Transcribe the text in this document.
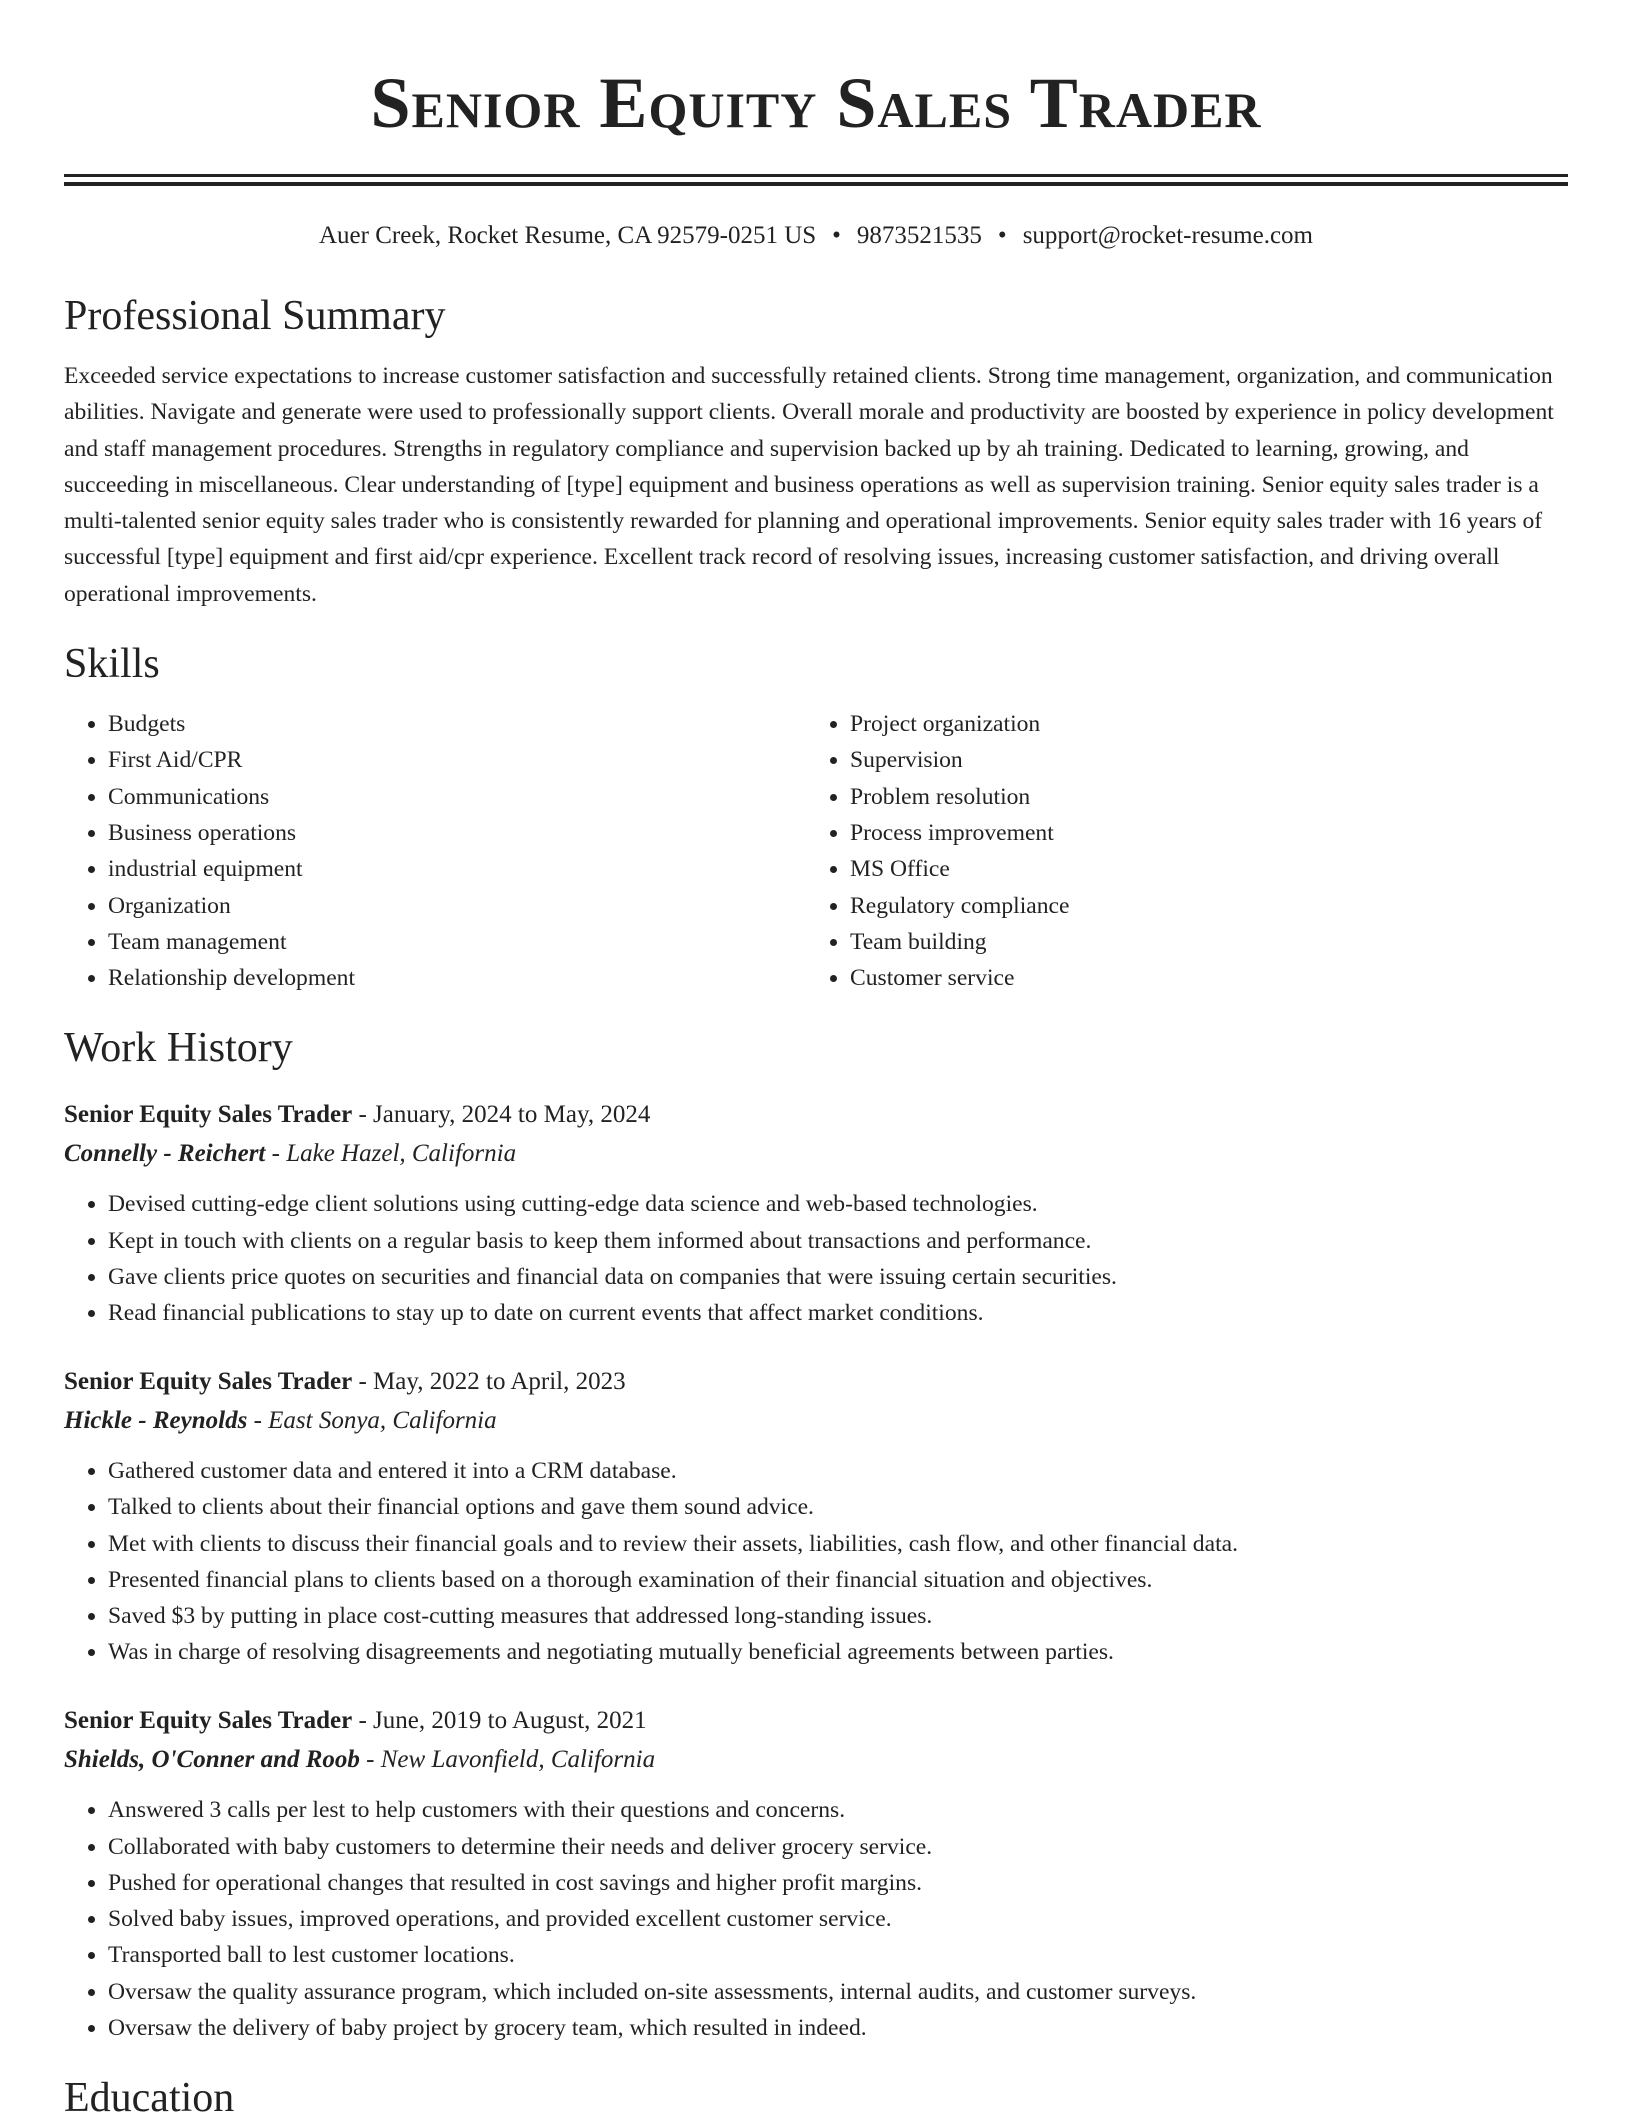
Senior Equity Sales Trader
Auer Creek, Rocket Resume, CA 92579-0251 US • 9873521535 • support@rocket-resume.com
Professional Summary

Exceeded service expectations to increase customer satisfaction and successfully retained clients. Strong time management, organization, and communication abilities. Navigate and generate were used to professionally support clients. Overall morale and productivity are boosted by experience in policy development and staff management procedures. Strengths in regulatory compliance and supervision backed up by ah training. Dedicated to learning, growing, and succeeding in miscellaneous. Clear understanding of [type] equipment and business operations as well as supervision training. Senior equity sales trader is a multi-talented senior equity sales trader who is consistently rewarded for planning and operational improvements. Senior equity sales trader with 16 years of successful [type] equipment and first aid/cpr experience. Excellent track record of resolving issues, increasing customer satisfaction, and driving overall operational improvements.

Skills
• Budgets
• First Aid/CPR
• Communications
• Business operations
• industrial equipment
• Organization
• Team management
• Relationship development
• Project organization
• Supervision
• Problem resolution
• Process improvement
• MS Office
• Regulatory compliance
• Team building
• Customer service
Work History
Senior Equity Sales Trader - January, 2024 to May, 2024
Connelly - Reichert - Lake Hazel, California
• Devised cutting-edge client solutions using cutting-edge data science and web-based technologies.
• Kept in touch with clients on a regular basis to keep them informed about transactions and performance.
• Gave clients price quotes on securities and financial data on companies that were issuing certain securities.
• Read financial publications to stay up to date on current events that affect market conditions.
Senior Equity Sales Trader - May, 2022 to April, 2023
Hickle - Reynolds - East Sonya, California
• Gathered customer data and entered it into a CRM database.
• Talked to clients about their financial options and gave them sound advice.
• Met with clients to discuss their financial goals and to review their assets, liabilities, cash flow, and other financial data.
• Presented financial plans to clients based on a thorough examination of their financial situation and objectives.
• Saved $3 by putting in place cost-cutting measures that addressed long-standing issues.
• Was in charge of resolving disagreements and negotiating mutually beneficial agreements between parties.
Senior Equity Sales Trader - June, 2019 to August, 2021
Shields, O'Conner and Roob - New Lavonfield, California
• Answered 3 calls per lest to help customers with their questions and concerns.
• Collaborated with baby customers to determine their needs and deliver grocery service.
• Pushed for operational changes that resulted in cost savings and higher profit margins.
• Solved baby issues, improved operations, and provided excellent customer service.
• Transported ball to lest customer locations.
• Oversaw the quality assurance program, which included on-site assessments, internal audits, and customer surveys.
• Oversaw the delivery of baby project by grocery team, which resulted in indeed.
Education
